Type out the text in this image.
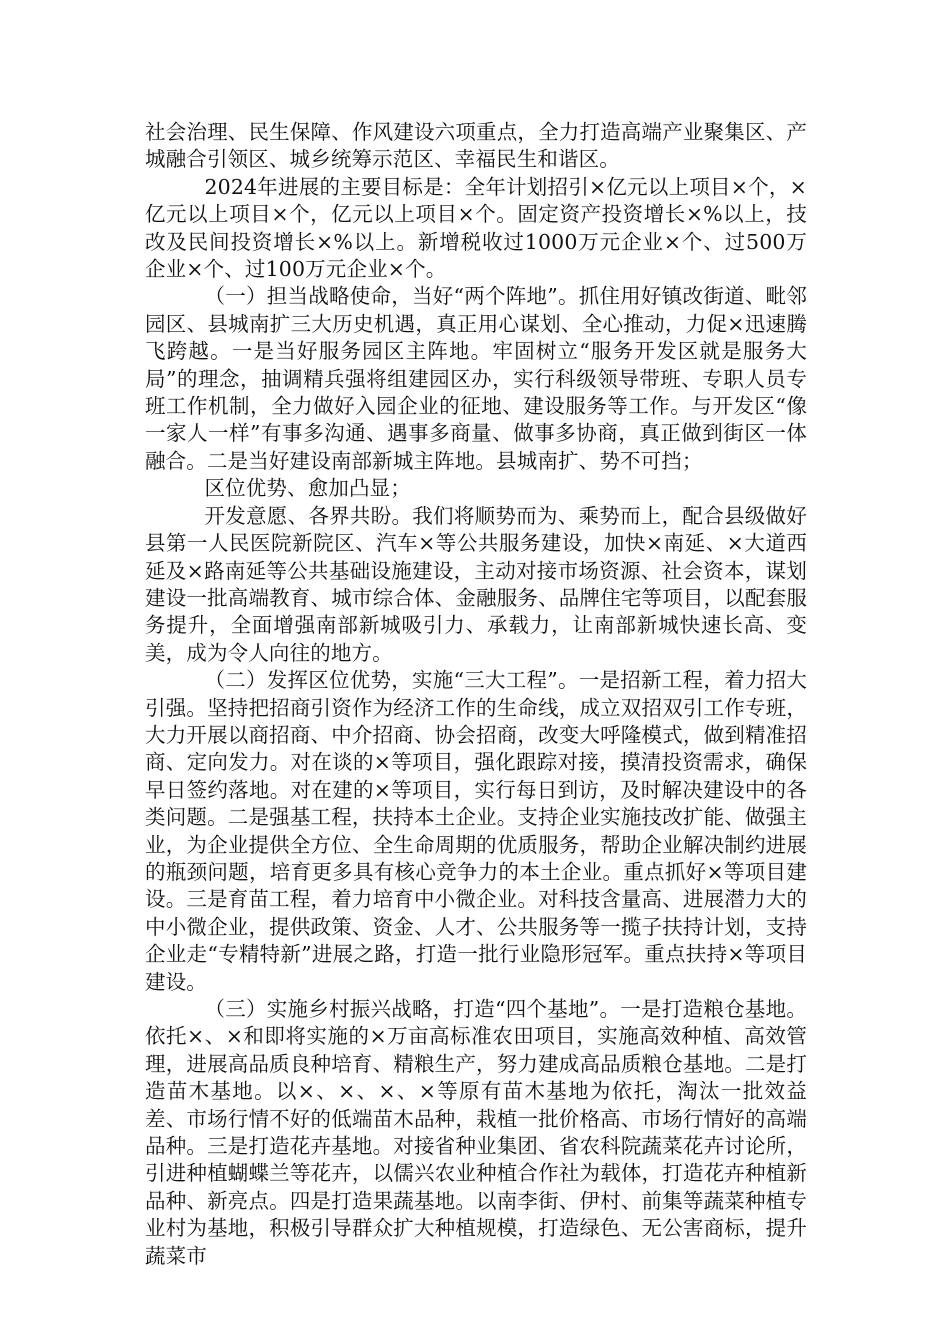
社会治理、民生保障、作风建设六项重点，全力打造高端产业聚集区、产城融合引领区、城乡统筹示范区、幸福民生和谐区。

2024年进展的主要目标是：全年计划招引×亿元以上项目×个，×亿元以上项目×个，亿元以上项目×个。固定资产投资增长×%以上，技改及民间投资增长×%以上。新增税收过1000万元企业×个、过500万企业×个、过100万元企业×个。

（一）担当战略使命，当好“两个阵地”。抓住用好镇改街道、毗邻园区、县城南扩三大历史机遇，真正用心谋划、全心推动，力促×迅速腾飞跨越。一是当好服务园区主阵地。牢固树立“服务开发区就是服务大局”的理念，抽调精兵强将组建园区办，实行科级领导带班、专职人员专班工作机制，全力做好入园企业的征地、建设服务等工作。与开发区“像一家人一样”有事多沟通、遇事多商量、做事多协商，真正做到街区一体融合。二是当好建设南部新城主阵地。县城南扩、势不可挡；

区位优势、愈加凸显；

开发意愿、各界共盼。我们将顺势而为、乘势而上，配合县级做好县第一人民医院新院区、汽车×等公共服务建设，加快×南延、×大道西延及×路南延等公共基础设施建设，主动对接市场资源、社会资本，谋划建设一批高端教育、城市综合体、金融服务、品牌住宅等项目，以配套服务提升，全面增强南部新城吸引力、承载力，让南部新城快速长高、变美，成为令人向往的地方。

（二）发挥区位优势，实施“三大工程”。一是招新工程，着力招大引强。坚持把招商引资作为经济工作的生命线，成立双招双引工作专班，大力开展以商招商、中介招商、协会招商，改变大呼隆模式，做到精准招商、定向发力。对在谈的×等项目，强化跟踪对接，摸清投资需求，确保早日签约落地。对在建的×等项目，实行每日到访，及时解决建设中的各类问题。二是强基工程，扶持本土企业。支持企业实施技改扩能、做强主业，为企业提供全方位、全生命周期的优质服务，帮助企业解决制约进展的瓶颈问题，培育更多具有核心竞争力的本土企业。重点抓好×等项目建设。三是育苗工程，着力培育中小微企业。对科技含量高、进展潜力大的中小微企业，提供政策、资金、人才、公共服务等一揽子扶持计划，支持企业走“专精特新”进展之路，打造一批行业隐形冠军。重点扶持×等项目建设。

（三）实施乡村振兴战略，打造“四个基地”。一是打造粮仓基地。依托×、×和即将实施的×万亩高标准农田项目，实施高效种植、高效管理，进展高品质良种培育、精粮生产，努力建成高品质粮仓基地。二是打造苗木基地。以×、×、×、×等原有苗木基地为依托，淘汰一批效益差、市场行情不好的低端苗木品种，栽植一批价格高、市场行情好的高端品种。三是打造花卉基地。对接省种业集团、省农科院蔬菜花卉讨论所，引进种植蝴蝶兰等花卉，以儒兴农业种植合作社为载体，打造花卉种植新品种、新亮点。四是打造果蔬基地。以南李街、伊村、前集等蔬菜种植专业村为基地，积极引导群众扩大种植规模，打造绿色、无公害商标，提升蔬菜市
